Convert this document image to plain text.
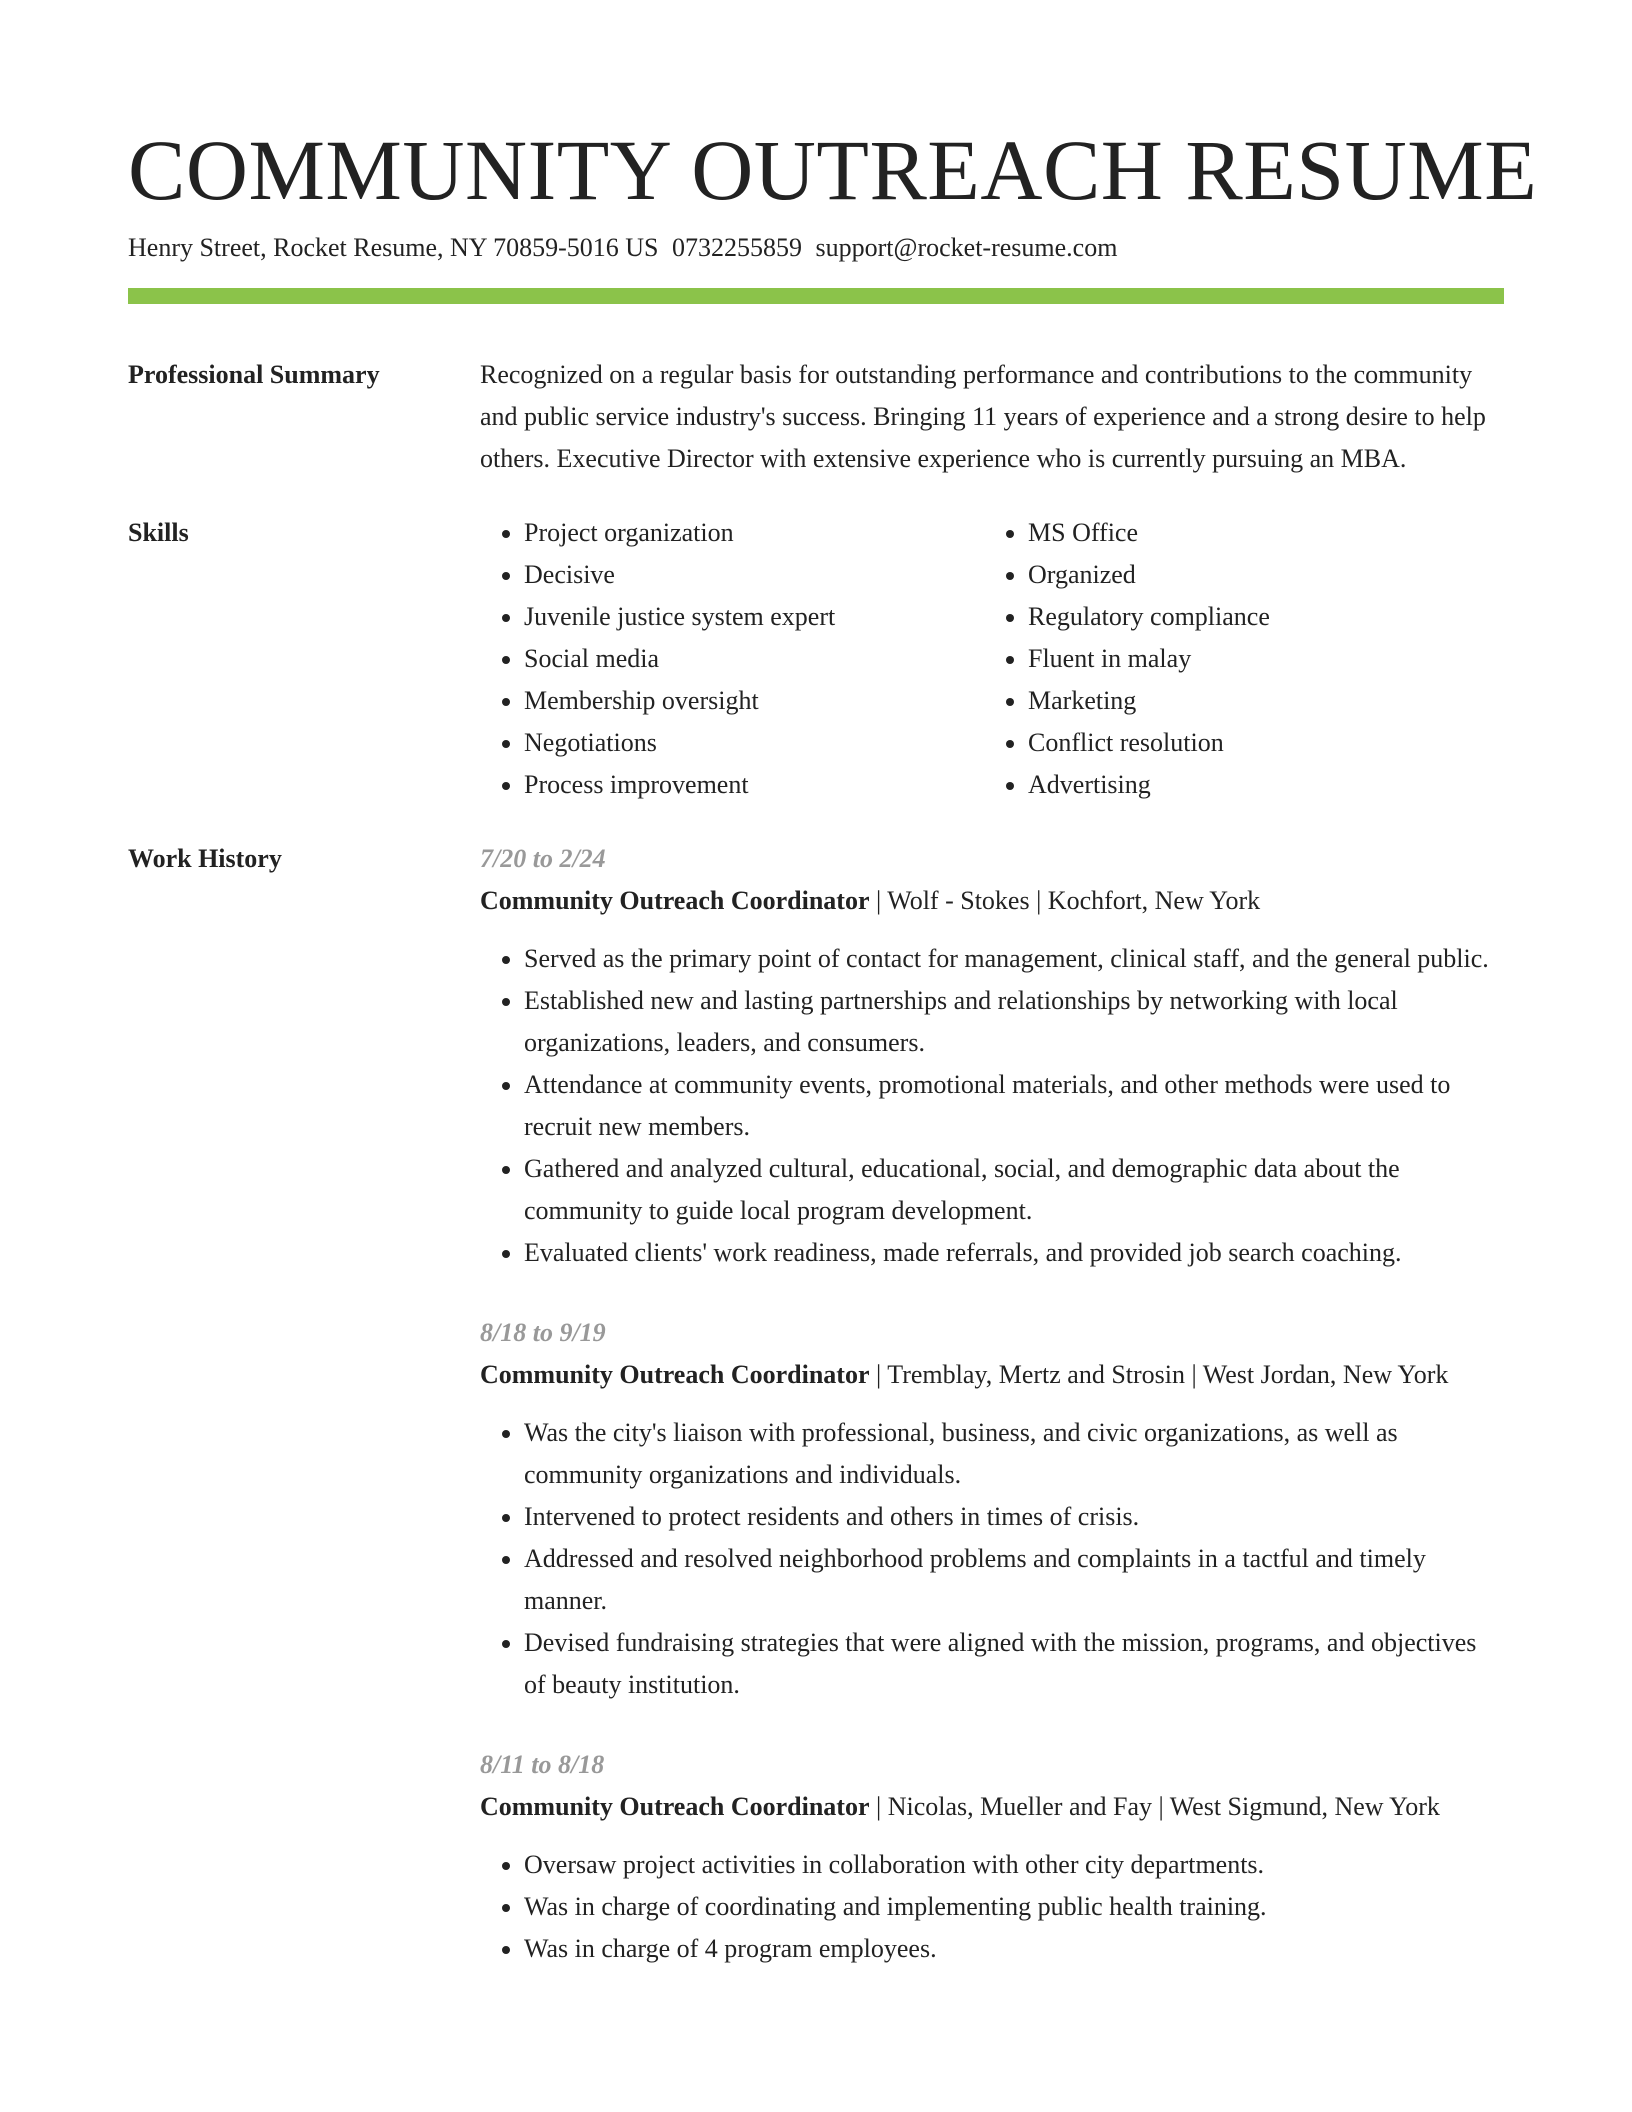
COMMUNITY OUTREACH RESUME
Henry Street, Rocket Resume, NY 70859-5016 US 0732255859 support@rocket-resume.com
Professional Summary	Recognized on a regular basis for outstanding performance and contributions to the community and public service industry's success. Bringing 11 years of experience and a strong desire to help others. Executive Director with extensive experience who is currently pursuing an MBA.

Skills
•	Project organization
• Decisive
• Juvenile justice system expert
• Social media
• Membership oversight
• Negotiations
• Process improvement
• MS Office
• Organized
• Regulatory compliance
• Fluent in malay
• Marketing
• Conflict resolution
• Advertising
Work History	7/20 to 2/24
Community Outreach Coordinator | Wolf - Stokes | Kochfort, New York
• Served as the primary point of contact for management, clinical staff, and the general public.
• Established new and lasting partnerships and relationships by networking with local organizations, leaders, and consumers.
• Attendance at community events, promotional materials, and other methods were used to recruit new members.
• Gathered and analyzed cultural, educational, social, and demographic data about the community to guide local program development.
• Evaluated clients' work readiness, made referrals, and provided job search coaching.
8/18 to 9/19
Community Outreach Coordinator | Tremblay, Mertz and Strosin | West Jordan, New York
• Was the city's liaison with professional, business, and civic organizations, as well as community organizations and individuals.
• Intervened to protect residents and others in times of crisis.
• Addressed and resolved neighborhood problems and complaints in a tactful and timely manner.
• Devised fundraising strategies that were aligned with the mission, programs, and objectives of beauty institution.
8/11 to 8/18
Community Outreach Coordinator | Nicolas, Mueller and Fay | West Sigmund, New York
• Oversaw project activities in collaboration with other city departments.
• Was in charge of coordinating and implementing public health training.
• Was in charge of 4 program employees.
